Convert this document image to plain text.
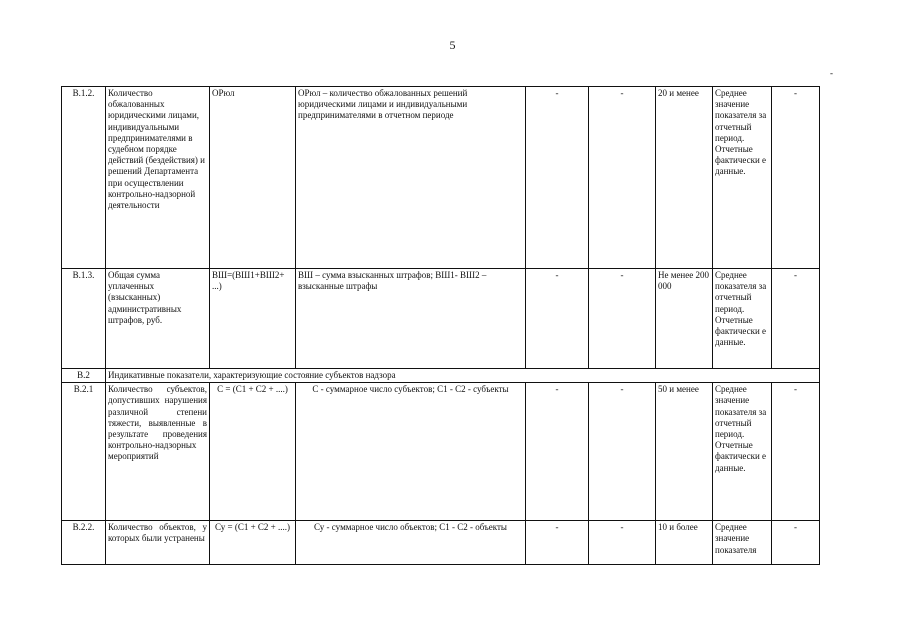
5
-
В.1.2.	Количество обжалованных юридическими лицами, индивидуальными предпринимателями в судебном порядке действий (бездействия) и решений Департамента при осуществлении контрольно-надзорной деятельности	ОРюл	ОРюл – количество обжалованных решений юридическими лицами и индивидуальными предпринимателями в отчетном периоде	-	-	20 и менее	Среднее значение показателя за отчетный период. Отчетные фактически е данные.	-
В.1.3.	Общая сумма уплаченных (взысканных) административных штрафов, руб.	ВШ=(ВШ1+ВШ2+ ...)	ВШ – сумма взысканных штрафов; ВШ1- ВШ2 – взысканные штрафы	-	-	Не менее 200 000	Среднее показателя за отчетный период. Отчетные фактически е данные.	-
В.2	Индикативные показатели, характеризующие состояние субъектов надзора							
В.2.1	Количество субъектов, допустивших нарушения различной степени тяжести, выявленные в результате проведения контрольно-надзорных мероприятий	С = (С1 + С2 + ....)	С - суммарное число субъектов; С1 - С2 - субъекты	-	-	50 и менее	Среднее значение показателя за отчетный период. Отчетные фактически е данные.	-
В.2.2.	Количество объектов, у которых были устранены	Су = (С1 + С2 + ....)	Су - суммарное число объектов; С1 - С2 - объекты	-	-	10 и более	Среднее значение показателя	-
